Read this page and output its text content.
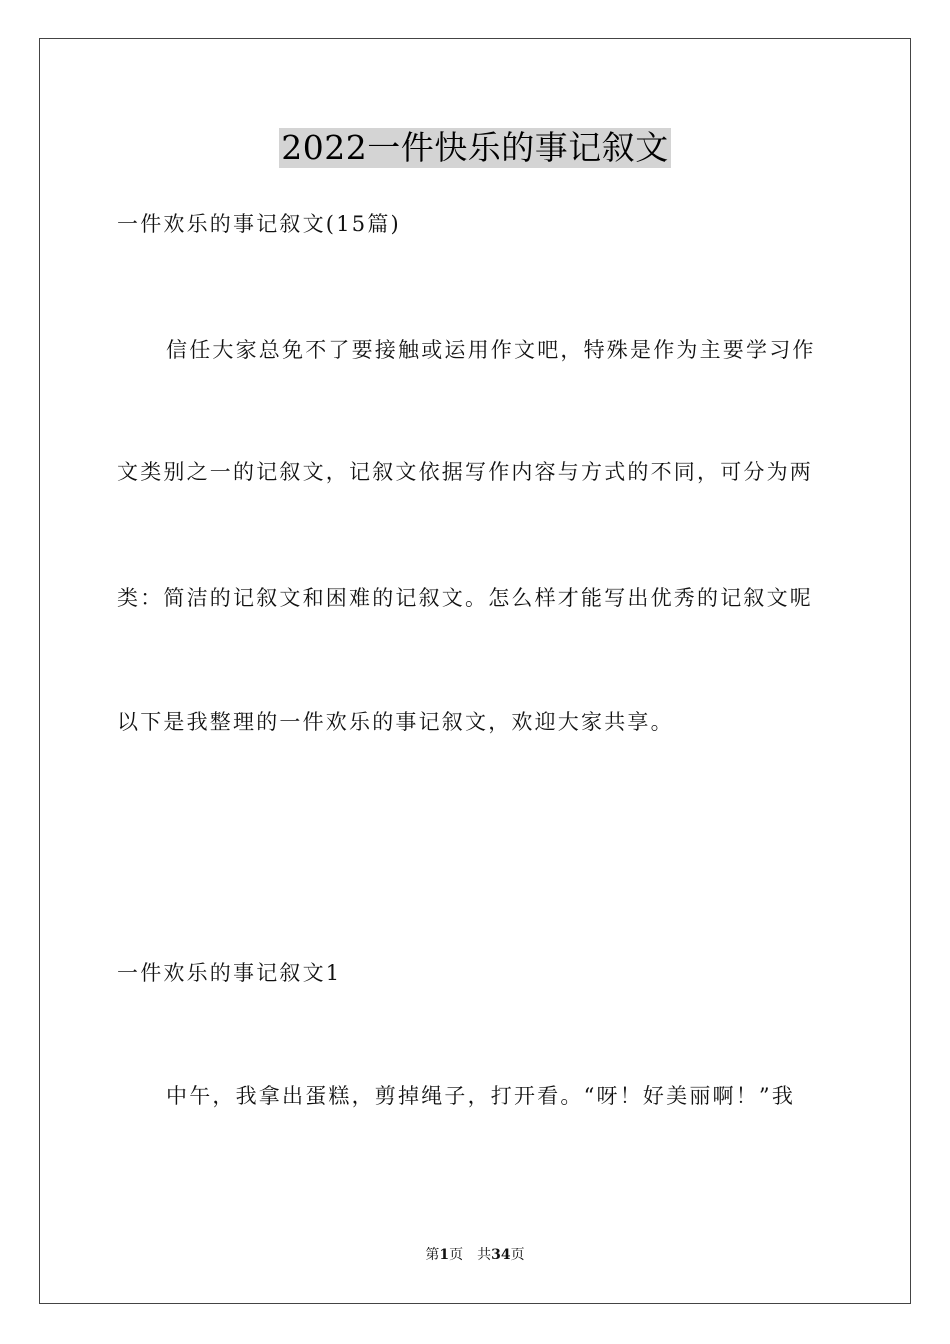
2022一件快乐的事记叙文
一件欢乐的事记叙文(15篇)
信任大家总免不了要接触或运用作文吧，特殊是作为主要学习作
文类别之一的记叙文，记叙文依据写作内容与方式的不同，可分为两
类：简洁的记叙文和困难的记叙文。怎么样才能写出优秀的记叙文呢
以下是我整理的一件欢乐的事记叙文，欢迎大家共享。
一件欢乐的事记叙文1
中午，我拿出蛋糕，剪掉绳子，打开看。“呀！好美丽啊！”我
第1页 共34页
